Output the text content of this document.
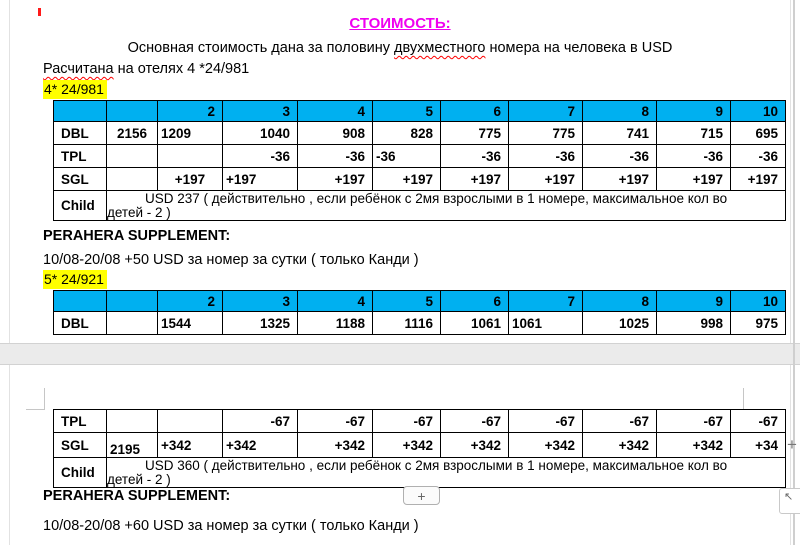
СТОИМОСТЬ:
Основная стоимость дана за половину двухместного номера на человека в USD
Расчитана на отелях 4 *24/981
4* 24/981
		2	3	4	5	6	7	8	9	10
DBL	2156	1209	1040	908	828	775	775	741	715	695
TPL			-36	-36	-36	-36	-36	-36	-36	-36
SGL		+197	+197	+197	+197	+197	+197	+197	+197	+197
Child	USD 237 ( действительно , если ребёнок с 2мя взрослыми в 1 номере, максимальное кол во детей - 2 )									
PERAHERA SUPPLEMENT:
10/08-20/08 +50 USD за номер за сутки ( только Канди )
5* 24/921
		2	3	4	5	6	7	8	9	10
DBL		1544	1325	1188	1116	1061	1061	1025	998	975
TPL			-67	-67	-67	-67	-67	-67	-67	-67
SGL	2195	+342	+342	+342	+342	+342	+342	+342	+342	+34
Child	USD 360 ( действительно , если ребёнок с 2мя взрослыми в 1 номере, максимальное кол во детей - 2 )									
PERAHERA SUPPLEMENT:	+
10/08-20/08 +60 USD за номер за сутки ( только Канди )
+
↖
